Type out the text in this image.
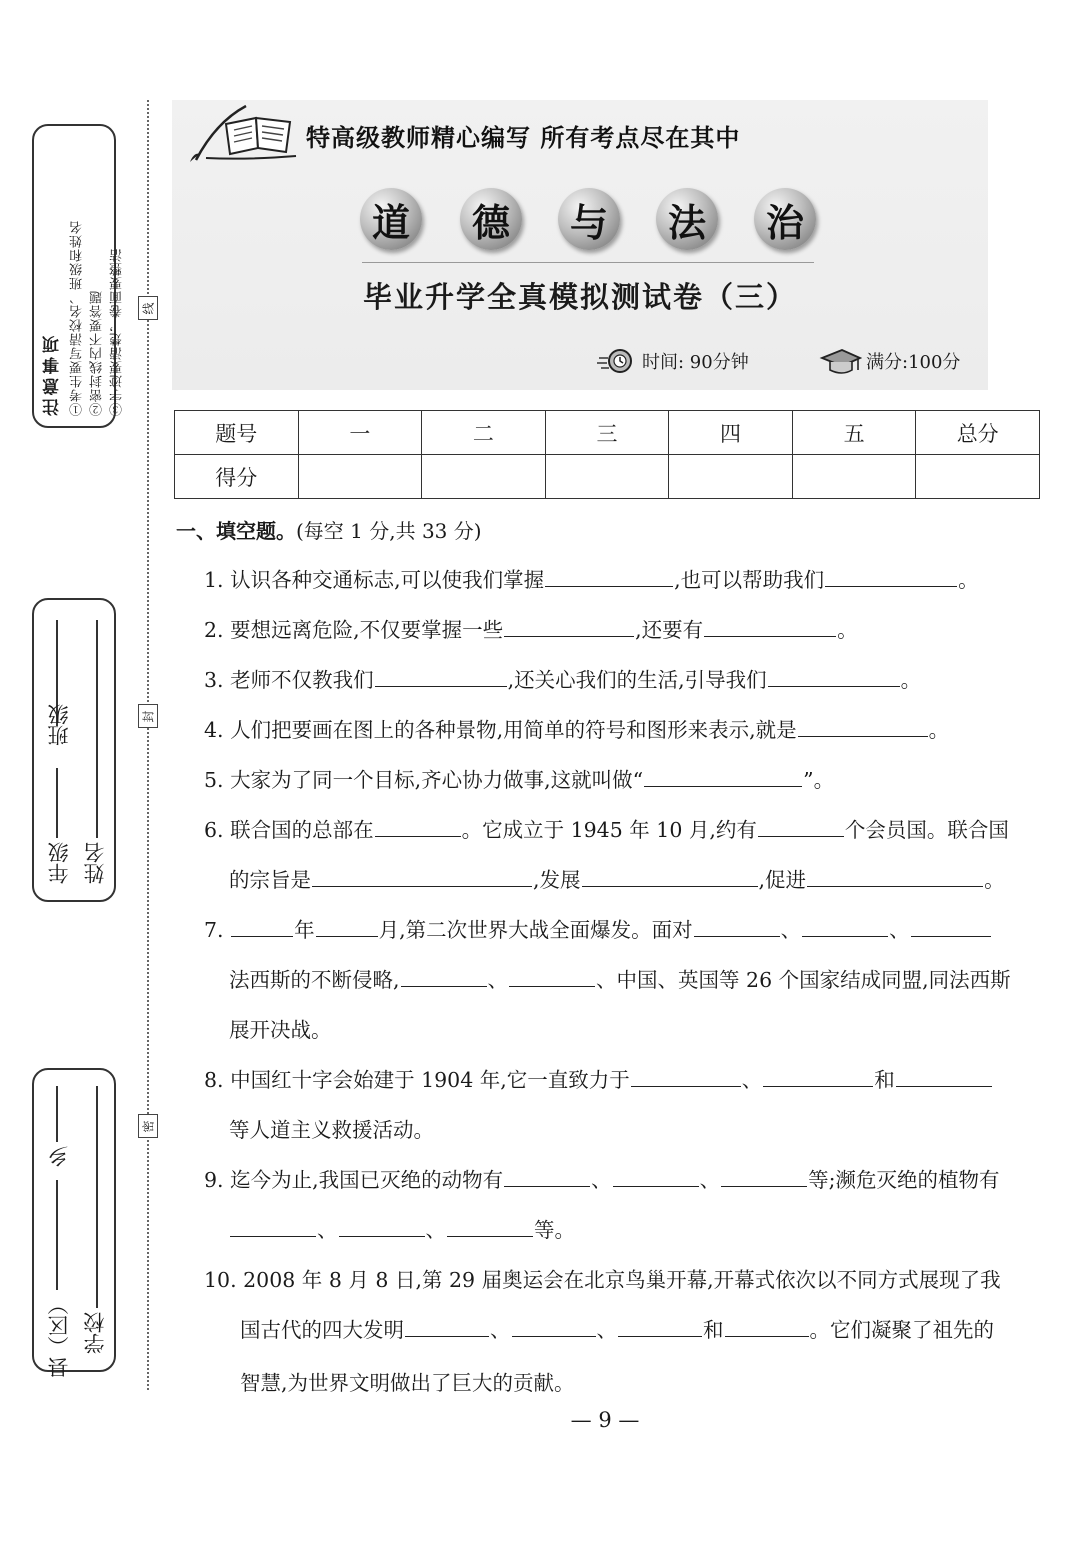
注意事项 ①考生要写清校名、班级和姓名 ②密封线内不要答题 ③字迹要清楚，卷面要整洁
年级
班级
姓名
县（区）
乡
学校
线
封
密
特高级教师精心编写 所有考点尽在其中
道	德	与	法	治
毕业升学全真模拟测试卷（三）
时间: 90分钟	满分:100分
题号	一	二	三	四	五	总分
得分						
一、填空题。(每空 1 分,共 33 分)
1. 认识各种交通标志,可以使我们掌握	,也可以帮助我们	。
2. 要想远离危险,不仅要掌握一些	,还要有	。
3. 老师不仅教我们	,还关心我们的生活,引导我们	。
4. 人们把要画在图上的各种景物,用简单的符号和图形来表示,就是	。
5. 大家为了同一个目标,齐心协力做事,这就叫做“	”。
6. 联合国的总部在	。它成立于 1945 年 10 月,约有	个会员国。联合国
的宗旨是	,发展	,促进	。
7.	年	月,第二次世界大战全面爆发。面对	、	、
法西斯的不断侵略,	、	、中国、英国等 26 个国家结成同盟,同法西斯
展开决战。
8. 中国红十字会始建于 1904 年,它一直致力于	、	和
等人道主义救援活动。
9. 迄今为止,我国已灭绝的动物有	、	、	等;濒危灭绝的植物有
、	、	等。
10. 2008 年 8 月 8 日,第 29 届奥运会在北京鸟巢开幕,开幕式依次以不同方式展现了我
国古代的四大发明	、	、	和	。它们凝聚了祖先的
智慧,为世界文明做出了巨大的贡献。
— 9 —
